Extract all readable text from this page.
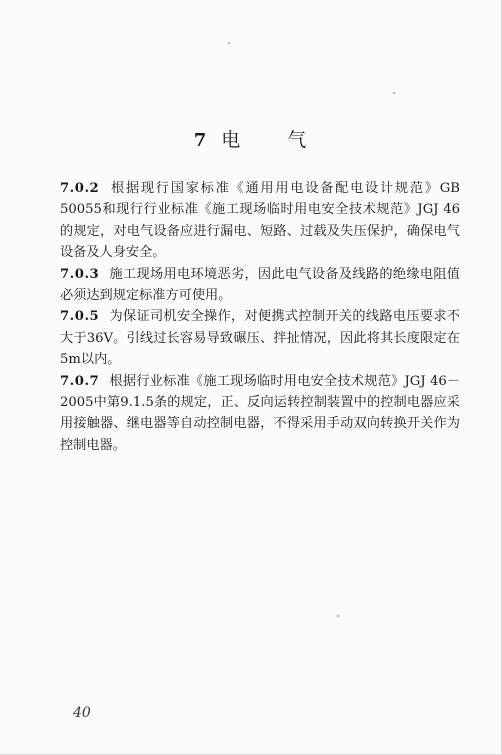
7 电 气

7.0.2 根据现行国家标准《通用用电设备配电设计规范》GB 50055和现行行业标准《施工现场临时用电安全技术规范》JGJ 46的规定，对电气设备应进行漏电、短路、过载及失压保护，确保电气设备及人身安全。

7.0.3 施工现场用电环境恶劣，因此电气设备及线路的绝缘电阻值必须达到规定标准方可使用。

7.0.5 为保证司机安全操作，对便携式控制开关的线路电压要求不大于36V。引线过长容易导致碾压、拌扯情况，因此将其长度限定在5m以内。

7.0.7 根据行业标准《施工现场临时用电安全技术规范》JGJ 46－2005中第9.1.5条的规定，正、反向运转控制装置中的控制电器应采用接触器、继电器等自动控制电器，不得采用手动双向转换开关作为控制电器。

40
